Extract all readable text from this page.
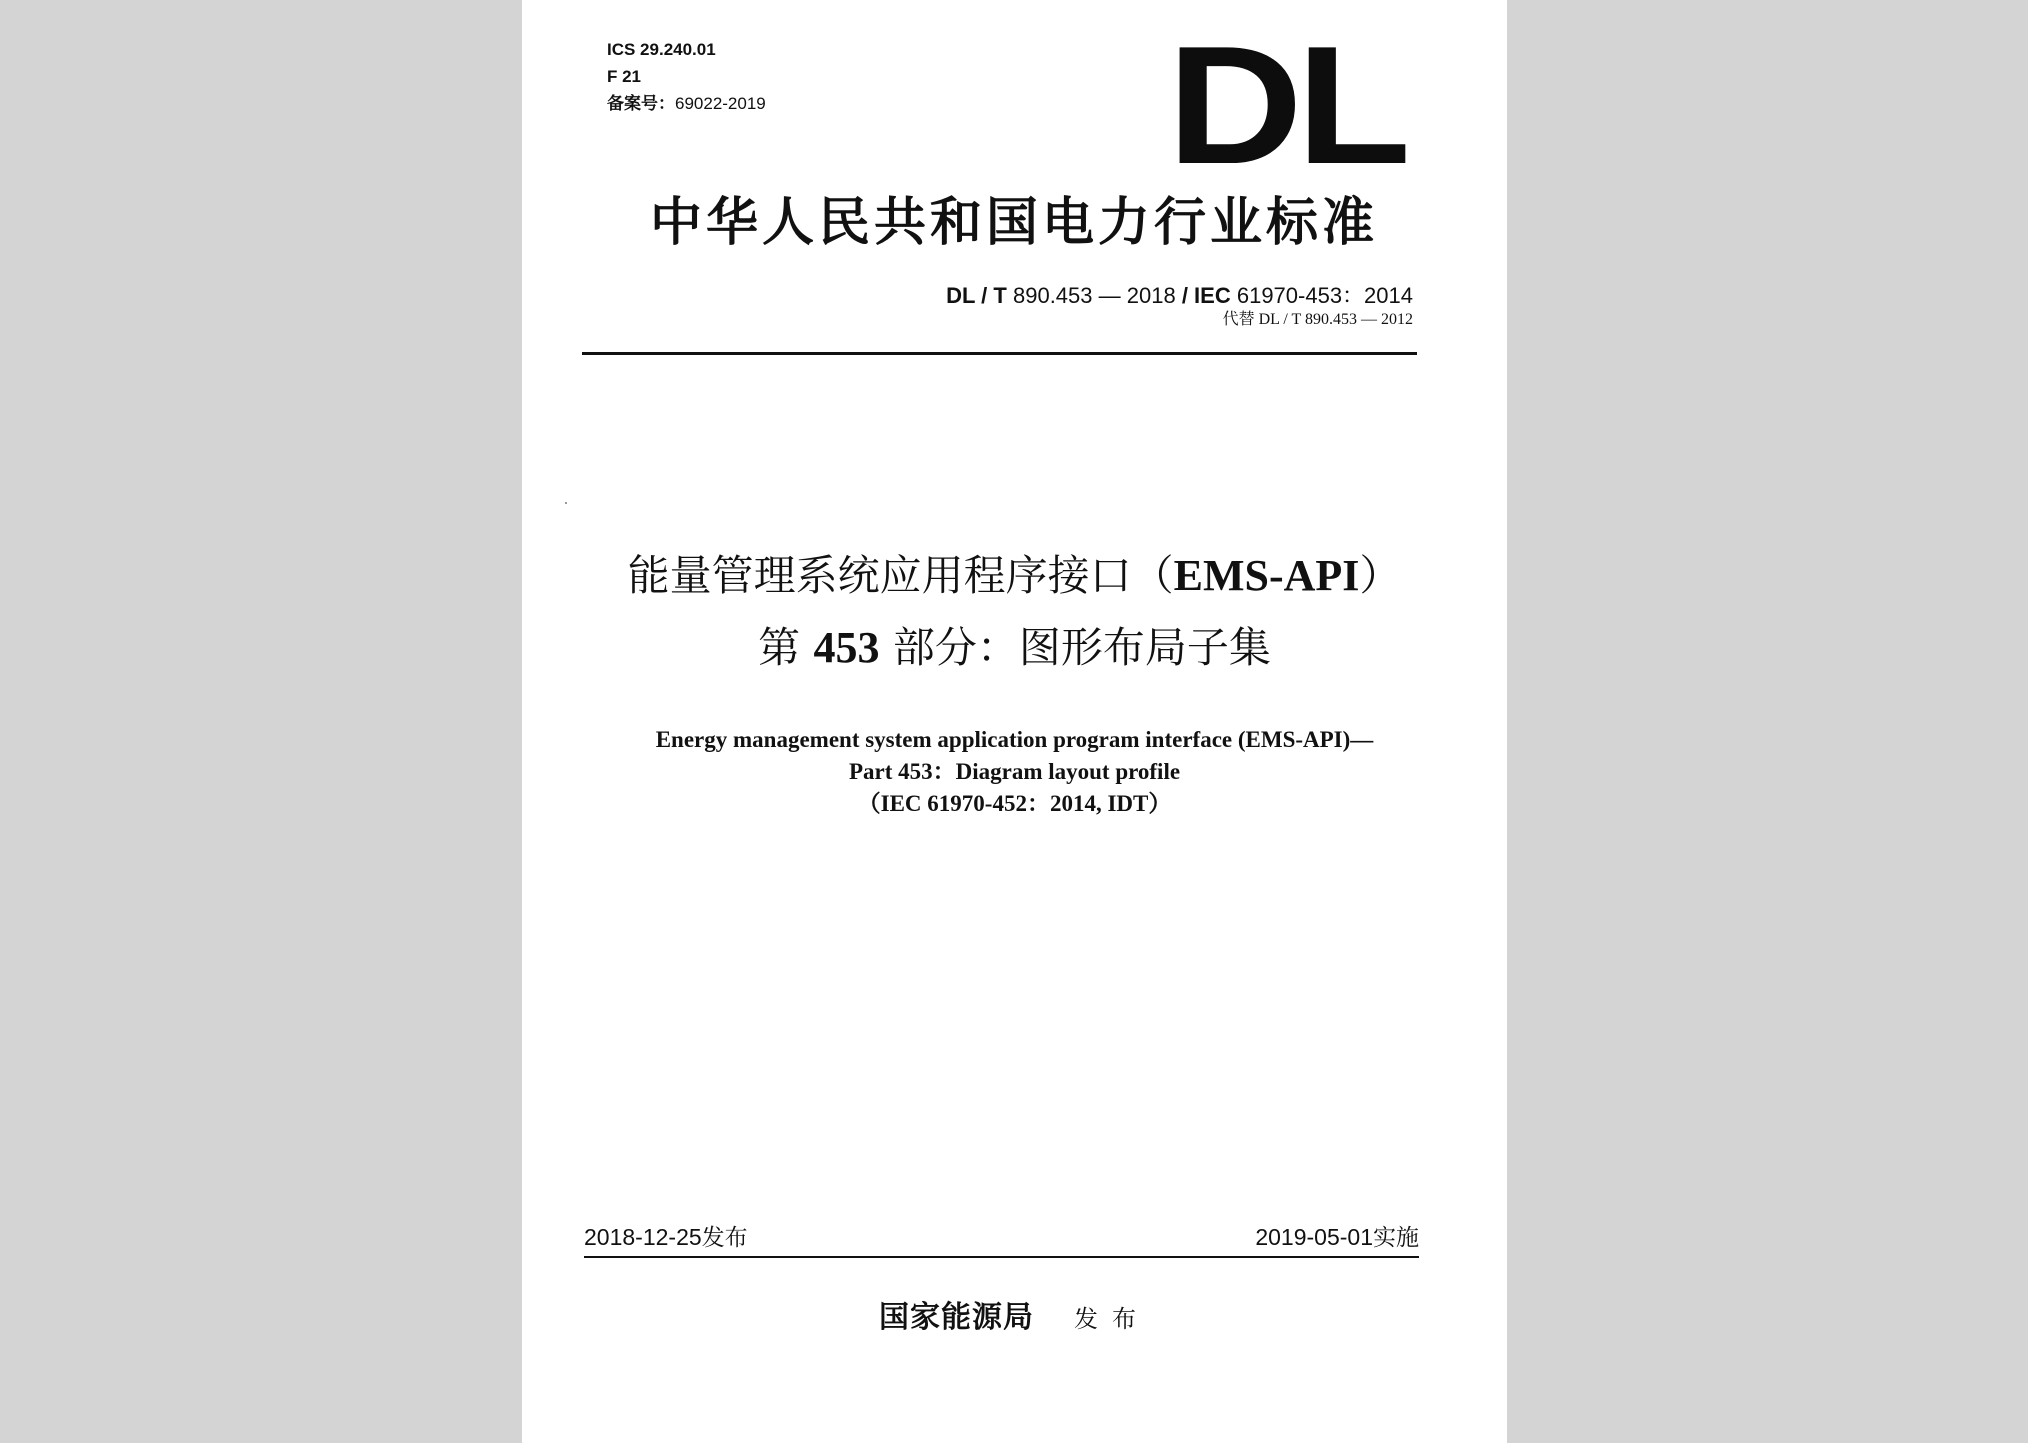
ICS 29.240.01
F 21
备案号：69022-2019 DL
中华人民共和国电力行业标准
DL / T 890.453 — 2018 / IEC 61970-453：2014
代替 DL / T 890.453 — 2012
能量管理系统应用程序接口（EMS-API）
第 453 部分：图形布局子集
Energy management system application program interface (EMS-API)—
Part 453：Diagram layout profile
（IEC 61970-452：2014, IDT）
2018-12-25发布	2019-05-01实施
国家能源局 发布
